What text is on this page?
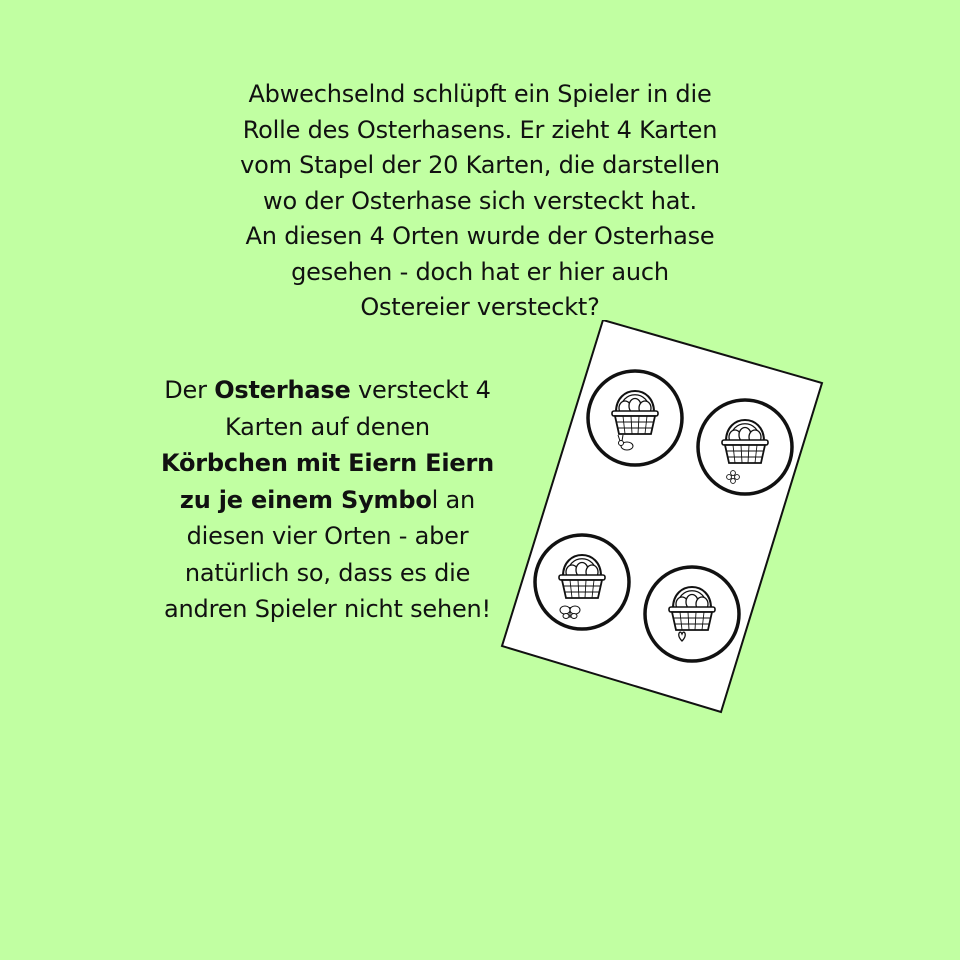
Abwechselnd schlüpft ein Spieler in die
Rolle des Osterhasens. Er zieht 4 Karten
vom Stapel der 20 Karten, die darstellen
wo der Osterhase sich versteckt hat.
An diesen 4 Orten wurde der Osterhase
gesehen - doch hat er hier auch
Ostereier versteckt?

Der Osterhase versteckt 4 Karten auf denen Körbchen mit Eiern Eiern zu je einem Symbol an diesen vier Orten - aber natürlich so, dass es die andren Spieler nicht sehen!
